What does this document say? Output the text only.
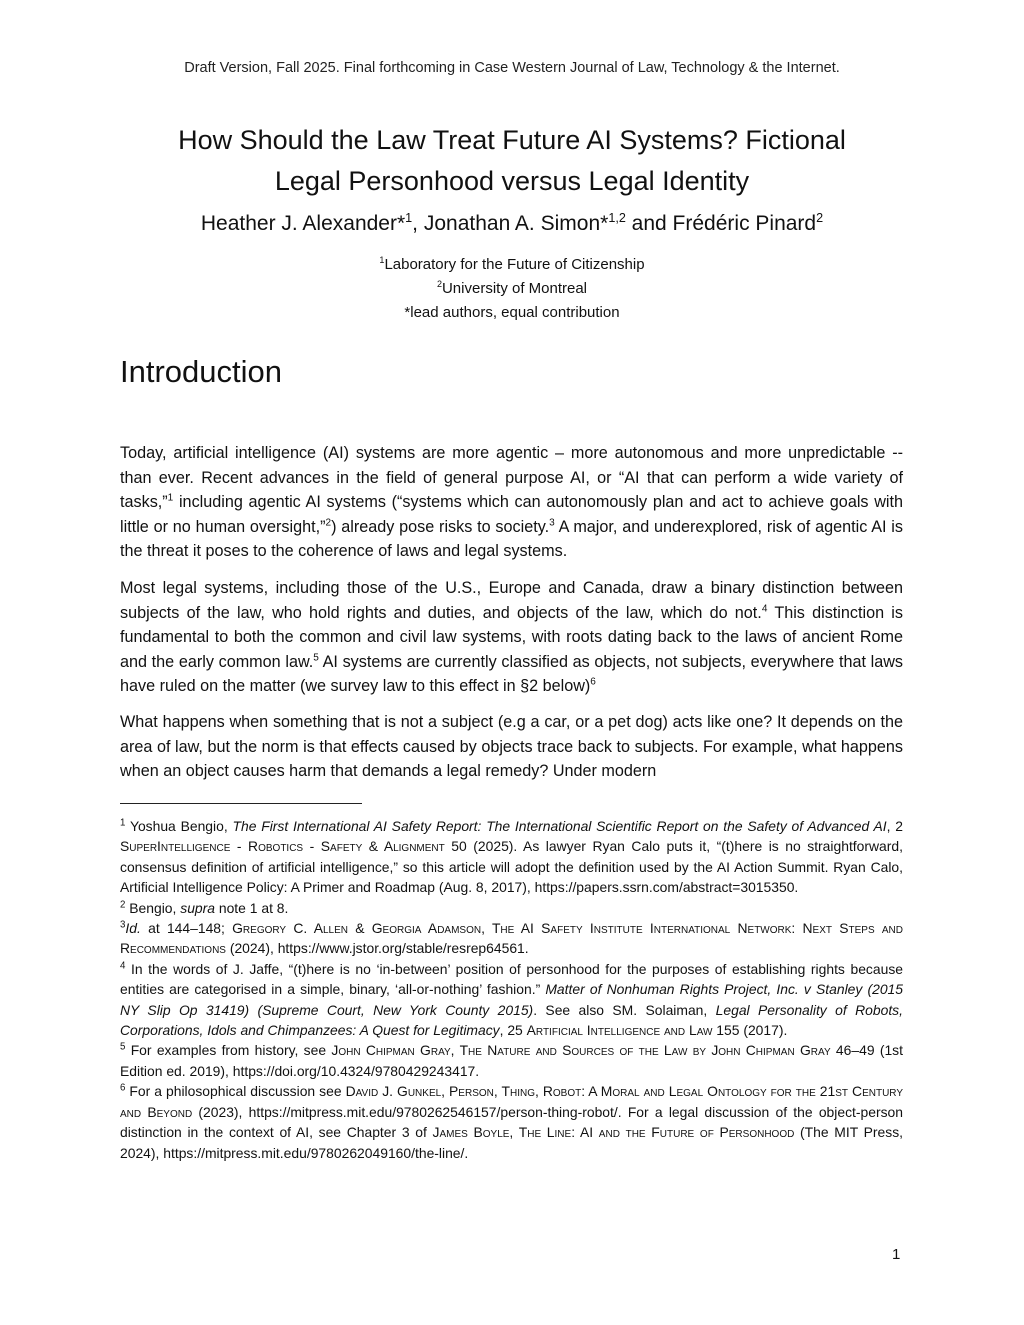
Draft Version, Fall 2025. Final forthcoming in Case Western Journal of Law, Technology & the Internet.
How Should the Law Treat Future AI Systems? Fictional
Legal Personhood versus Legal Identity
Heather J. Alexander*$^1$, Jonathan A. Simon*$^{1,2}$ and Frédéric Pinard$^2$
$^1$Laboratory for the Future of Citizenship
$^2$University of Montreal
*lead authors, equal contribution
Introduction

Today, artificial intelligence (AI) systems are more agentic – more autonomous and more unpredictable -- than ever. Recent advances in the field of general purpose AI, or “AI that can perform a wide variety of tasks,”$^1$ including agentic AI systems (“systems which can autonomously plan and act to achieve goals with little or no human oversight,”$^2$) already pose risks to society.$^3$ A major, and underexplored, risk of agentic AI is the threat it poses to the coherence of laws and legal systems.

Most legal systems, including those of the U.S., Europe and Canada, draw a binary distinction between subjects of the law, who hold rights and duties, and objects of the law, which do not.$^4$ This distinction is fundamental to both the common and civil law systems, with roots dating back to the laws of ancient Rome and the early common law.$^5$ AI systems are currently classified as objects, not subjects, everywhere that laws have ruled on the matter (we survey law to this effect in §2 below)$^6$

What happens when something that is not a subject (e.g a car, or a pet dog) acts like one? It depends on the area of law, but the norm is that effects caused by objects trace back to subjects. For example, what happens when an object causes harm that demands a legal remedy? Under modern

$^1$ Yoshua Bengio, The First International AI Safety Report: The International Scientific Report on the Safety of Advanced AI, 2 SuperIntelligence - Robotics - Safety & Alignment 50 (2025). As lawyer Ryan Calo puts it, “(t)here is no straightforward, consensus definition of artificial intelligence,” so this article will adopt the definition used by the AI Action Summit. Ryan Calo, Artificial Intelligence Policy: A Primer and Roadmap (Aug. 8, 2017), https://papers.ssrn.com/abstract=3015350.

$^2$ Bengio, supra note 1 at 8.

$^3$Id. at 144–148; Gregory C. Allen & Georgia Adamson, The AI Safety Institute International Network: Next Steps and Recommendations (2024), https://www.jstor.org/stable/resrep64561.

$^4$ In the words of J. Jaffe, “(t)here is no ‘in-between’ position of personhood for the purposes of establishing rights because entities are categorised in a simple, binary, ‘all-or-nothing’ fashion.” Matter of Nonhuman Rights Project, Inc. v Stanley (2015 NY Slip Op 31419) (Supreme Court, New York County 2015). See also SM. Solaiman, Legal Personality of Robots, Corporations, Idols and Chimpanzees: A Quest for Legitimacy, 25 Artificial Intelligence and Law 155 (2017).

$^5$ For examples from history, see John Chipman Gray, The Nature and Sources of the Law by John Chipman Gray 46–49 (1st Edition ed. 2019), https://doi.org/10.4324/9780429243417.

$^6$ For a philosophical discussion see David J. Gunkel, Person, Thing, Robot: A Moral and Legal Ontology for the 21st Century and Beyond (2023), https://mitpress.mit.edu/9780262546157/person-thing-robot/. For a legal discussion of the object-person distinction in the context of AI, see Chapter 3 of James Boyle, The Line: AI and the Future of Personhood (The MIT Press, 2024), https://mitpress.mit.edu/9780262049160/the-line/.

1
